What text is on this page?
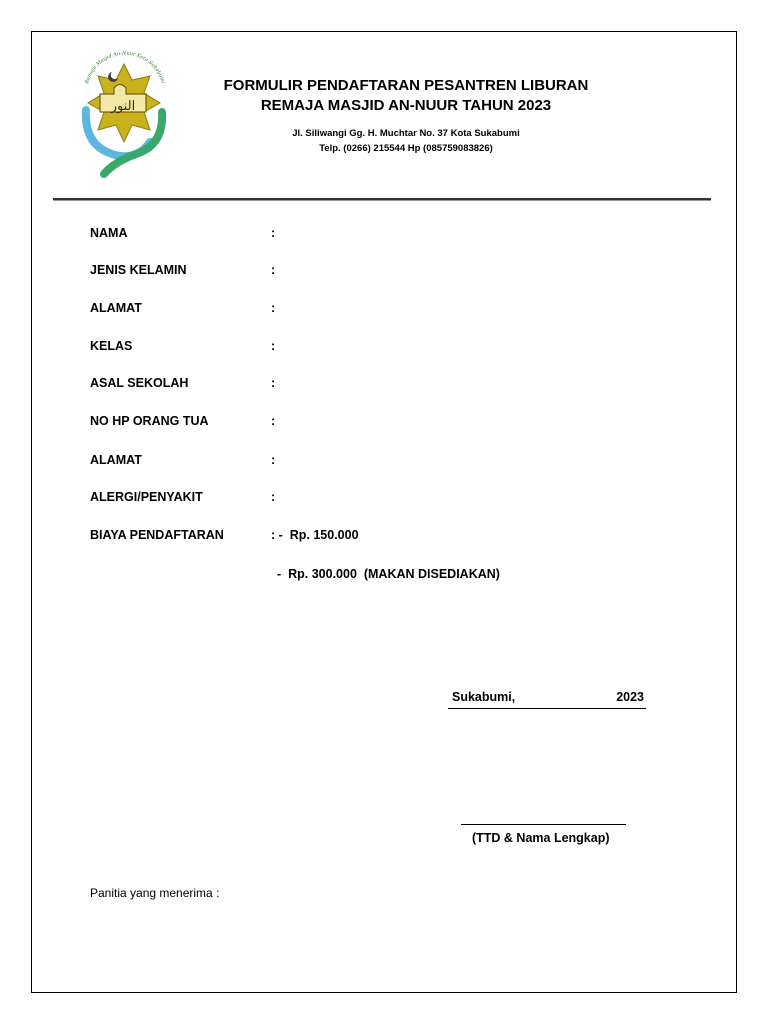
Remaja Masjid An-Nuur Kota Sukabumi
النور
FORMULIR PENDAFTARAN PESANTREN LIBURAN
REMAJA MASJID AN-NUUR TAHUN 2023
Jl. Siliwangi Gg. H. Muchtar No. 37 Kota Sukabumi
Telp. (0266) 215544 Hp (085759083826)
NAMA	:
JENIS KELAMIN	:
ALAMAT	:
KELAS	:
ASAL SEKOLAH	:
NO HP ORANG TUA	:
ALAMAT	:
ALERGI/PENYAKIT	:
BIAYA PENDAFTARAN	: -  Rp. 150.000
-  Rp. 300.000  (MAKAN DISEDIAKAN)
Sukabumi,	2023
(TTD & Nama Lengkap)
Panitia yang menerima :
